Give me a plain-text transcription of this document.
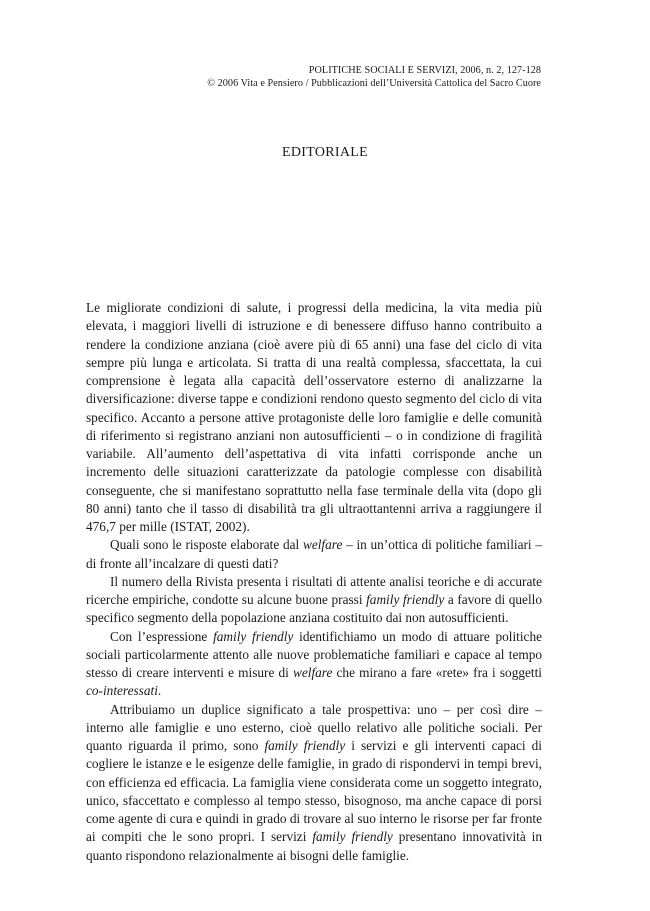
POLITICHE SOCIALI E SERVIZI, 2006, n. 2, 127-128
© 2006 Vita e Pensiero / Pubblicazioni dell’Università Cattolica del Sacro Cuore
EDITORIALE

Le migliorate condizioni di salute, i progressi della medicina, la vita media più elevata, i maggiori livelli di istruzione e di benessere diffuso hanno contribuito a rendere la condizione anziana (cioè avere più di 65 anni) una fase del ciclo di vita sempre più lunga e articolata. Si tratta di una realtà complessa, sfaccettata, la cui comprensione è legata alla capacità dell’osservatore esterno di analizzarne la diversificazione: diverse tappe e condizioni rendono questo segmento del ciclo di vita specifico. Accanto a persone attive protagoniste delle loro famiglie e delle comunità di riferimento si registrano anziani non autosufficienti – o in condizione di fragilità variabile. All’aumento dell’aspettativa di vita infatti corrisponde anche un incremento delle situazioni caratterizzate da patologie complesse con disabilità conseguente, che si manifestano soprattutto nella fase terminale della vita (dopo gli 80 anni) tanto che il tasso di disabilità tra gli ultraottantenni arriva a raggiungere il 476,7 per mille (ISTAT, 2002).

Quali sono le risposte elaborate dal welfare – in un’ottica di politiche familiari – di fronte all’incalzare di questi dati?

Il numero della Rivista presenta i risultati di attente analisi teoriche e di accurate ricerche empiriche, condotte su alcune buone prassi family friendly a favore di quello specifico segmento della popolazione anziana costituito dai non autosufficienti.

Con l’espressione family friendly identifichiamo un modo di attuare politiche sociali particolarmente attento alle nuove problematiche familiari e capace al tempo stesso di creare interventi e misure di welfare che mirano a fare «rete» fra i soggetti co-interessati.

Attribuiamo un duplice significato a tale prospettiva: uno – per così dire – interno alle famiglie e uno esterno, cioè quello relativo alle politiche sociali. Per quanto riguarda il primo, sono family friendly i servizi e gli interventi capaci di cogliere le istanze e le esigenze delle famiglie, in grado di rispondervi in tempi brevi, con efficienza ed efficacia. La famiglia viene considerata come un soggetto integrato, unico, sfaccettato e complesso al tempo stesso, bisognoso, ma anche capace di porsi come agente di cura e quindi in grado di trovare al suo interno le risorse per far fronte ai compiti che le sono propri. I servizi family friendly presentano innovatività in quanto rispondono relazionalmente ai bisogni delle famiglie.
